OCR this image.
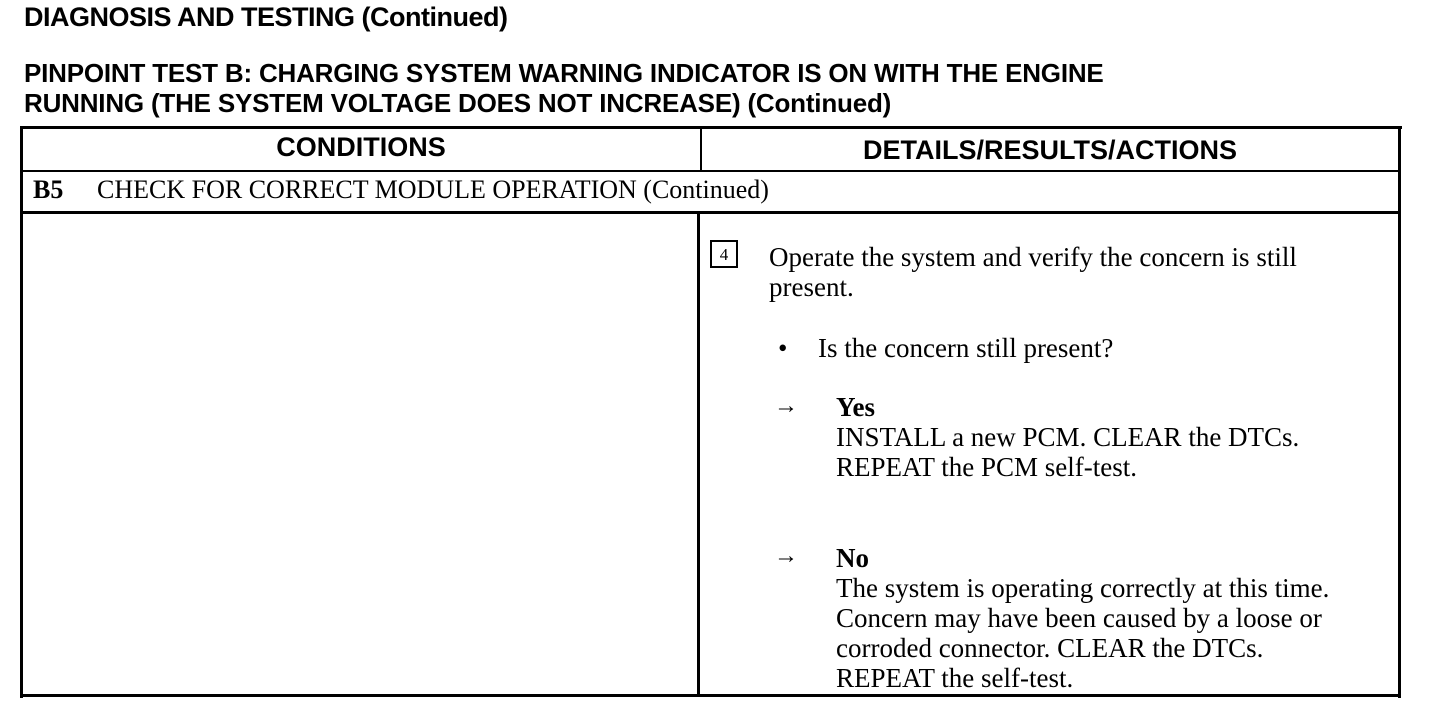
DIAGNOSIS AND TESTING (Continued)
PINPOINT TEST B: CHARGING SYSTEM WARNING INDICATOR IS ON WITH THE ENGINE
RUNNING (THE SYSTEM VOLTAGE DOES NOT INCREASE) (Continued)
CONDITIONS	DETAILS/RESULTS/ACTIONS
B5 CHECK FOR CORRECT MODULE OPERATION (Continued)
4	Operate the system and verify the concern is still present.
• Is the concern still present?
→ Yes
INSTALL a new PCM. CLEAR the DTCs.
REPEAT the PCM self-test.
→ No
The system is operating correctly at this time.
Concern may have been caused by a loose or
corroded connector. CLEAR the DTCs.
REPEAT the self-test.
